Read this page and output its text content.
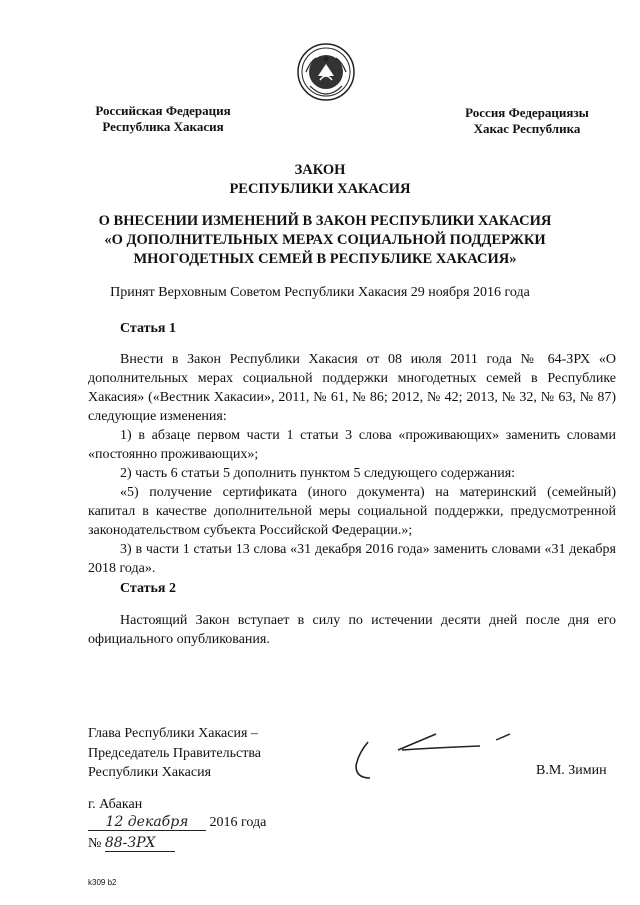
Российская Федерация
Республика Хакасия
Россия Федерациязы
Хакас Республика
ЗАКОН
РЕСПУБЛИКИ ХАКАСИЯ
О ВНЕСЕНИИ ИЗМЕНЕНИЙ В ЗАКОН РЕСПУБЛИКИ ХАКАСИЯ
«О ДОПОЛНИТЕЛЬНЫХ МЕРАХ СОЦИАЛЬНОЙ ПОДДЕРЖКИ
МНОГОДЕТНЫХ СЕМЕЙ В РЕСПУБЛИКЕ ХАКАСИЯ»
Принят Верховным Советом Республики Хакасия 29 ноября 2016 года
Статья 1

Внести в Закон Республики Хакасия от 08 июля 2011 года № 64-ЗРХ «О дополнительных мерах социальной поддержки многодетных семей в Республике Хакасия» («Вестник Хакасии», 2011, № 61, № 86; 2012, № 42; 2013, № 32, № 63, № 87) следующие изменения:

1) в абзаце первом части 1 статьи 3 слова «проживающих» заменить словами «постоянно проживающих»;

2) часть 6 статьи 5 дополнить пунктом 5 следующего содержания:

«5) получение сертификата (иного документа) на материнский (семейный) капитал в качестве дополнительной меры социальной поддержки, предусмотренной законодательством субъекта Российской Федерации.»;

3) в части 1 статьи 13 слова «31 декабря 2016 года» заменить словами «31 декабря 2018 года».

Статья 2

Настоящий Закон вступает в силу по истечении десяти дней после дня его официального опубликования.

Глава Республики Хакасия –
Председатель Правительства
Республики Хакасия	В.М. Зимин
г. Абакан
12 декабря 2016 года
№ 88-ЗРХ
k309 b2
